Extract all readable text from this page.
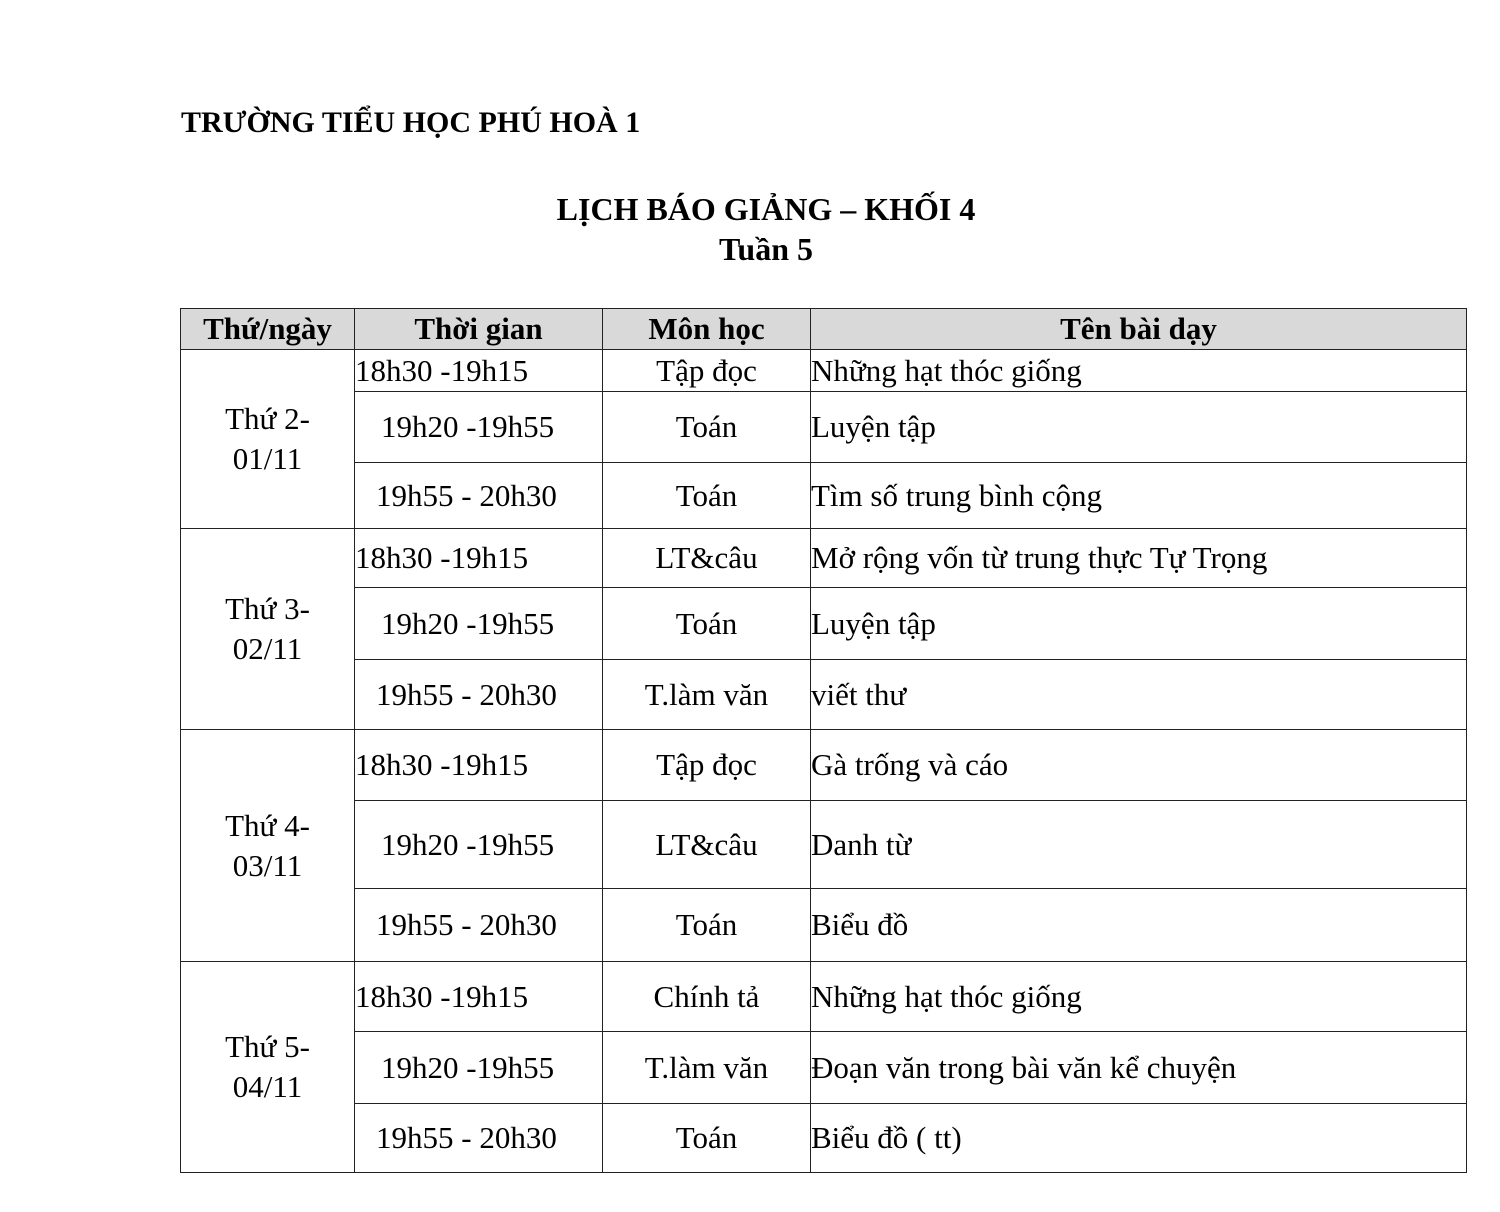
TRƯỜNG TIỂU HỌC PHÚ HOÀ 1
LỊCH BÁO GIẢNG – KHỐI 4
Tuần 5
Thứ/ngày	Thời gian	Môn học	Tên bài dạy
Thứ 2-
01/11	18h30 -19h15	Tập đọc	Những hạt thóc giống
	19h20 -19h55	Toán	Luyện tập
	19h55 - 20h30	Toán	Tìm số trung bình cộng
Thứ 3-
02/11	18h30 -19h15	LT&câu	Mở rộng vốn từ trung thực Tự Trọng
	19h20 -19h55	Toán	Luyện tập
	19h55 - 20h30	T.làm văn	viết thư
Thứ 4-
03/11	18h30 -19h15	Tập đọc	Gà trống và cáo
	19h20 -19h55	LT&câu	Danh từ
	19h55 - 20h30	Toán	Biểu đồ
Thứ 5-
04/11	18h30 -19h15	Chính tả	Những hạt thóc giống
	19h20 -19h55	T.làm văn	Đoạn văn trong bài văn kể chuyện
	19h55 - 20h30	Toán	Biểu đồ ( tt)
